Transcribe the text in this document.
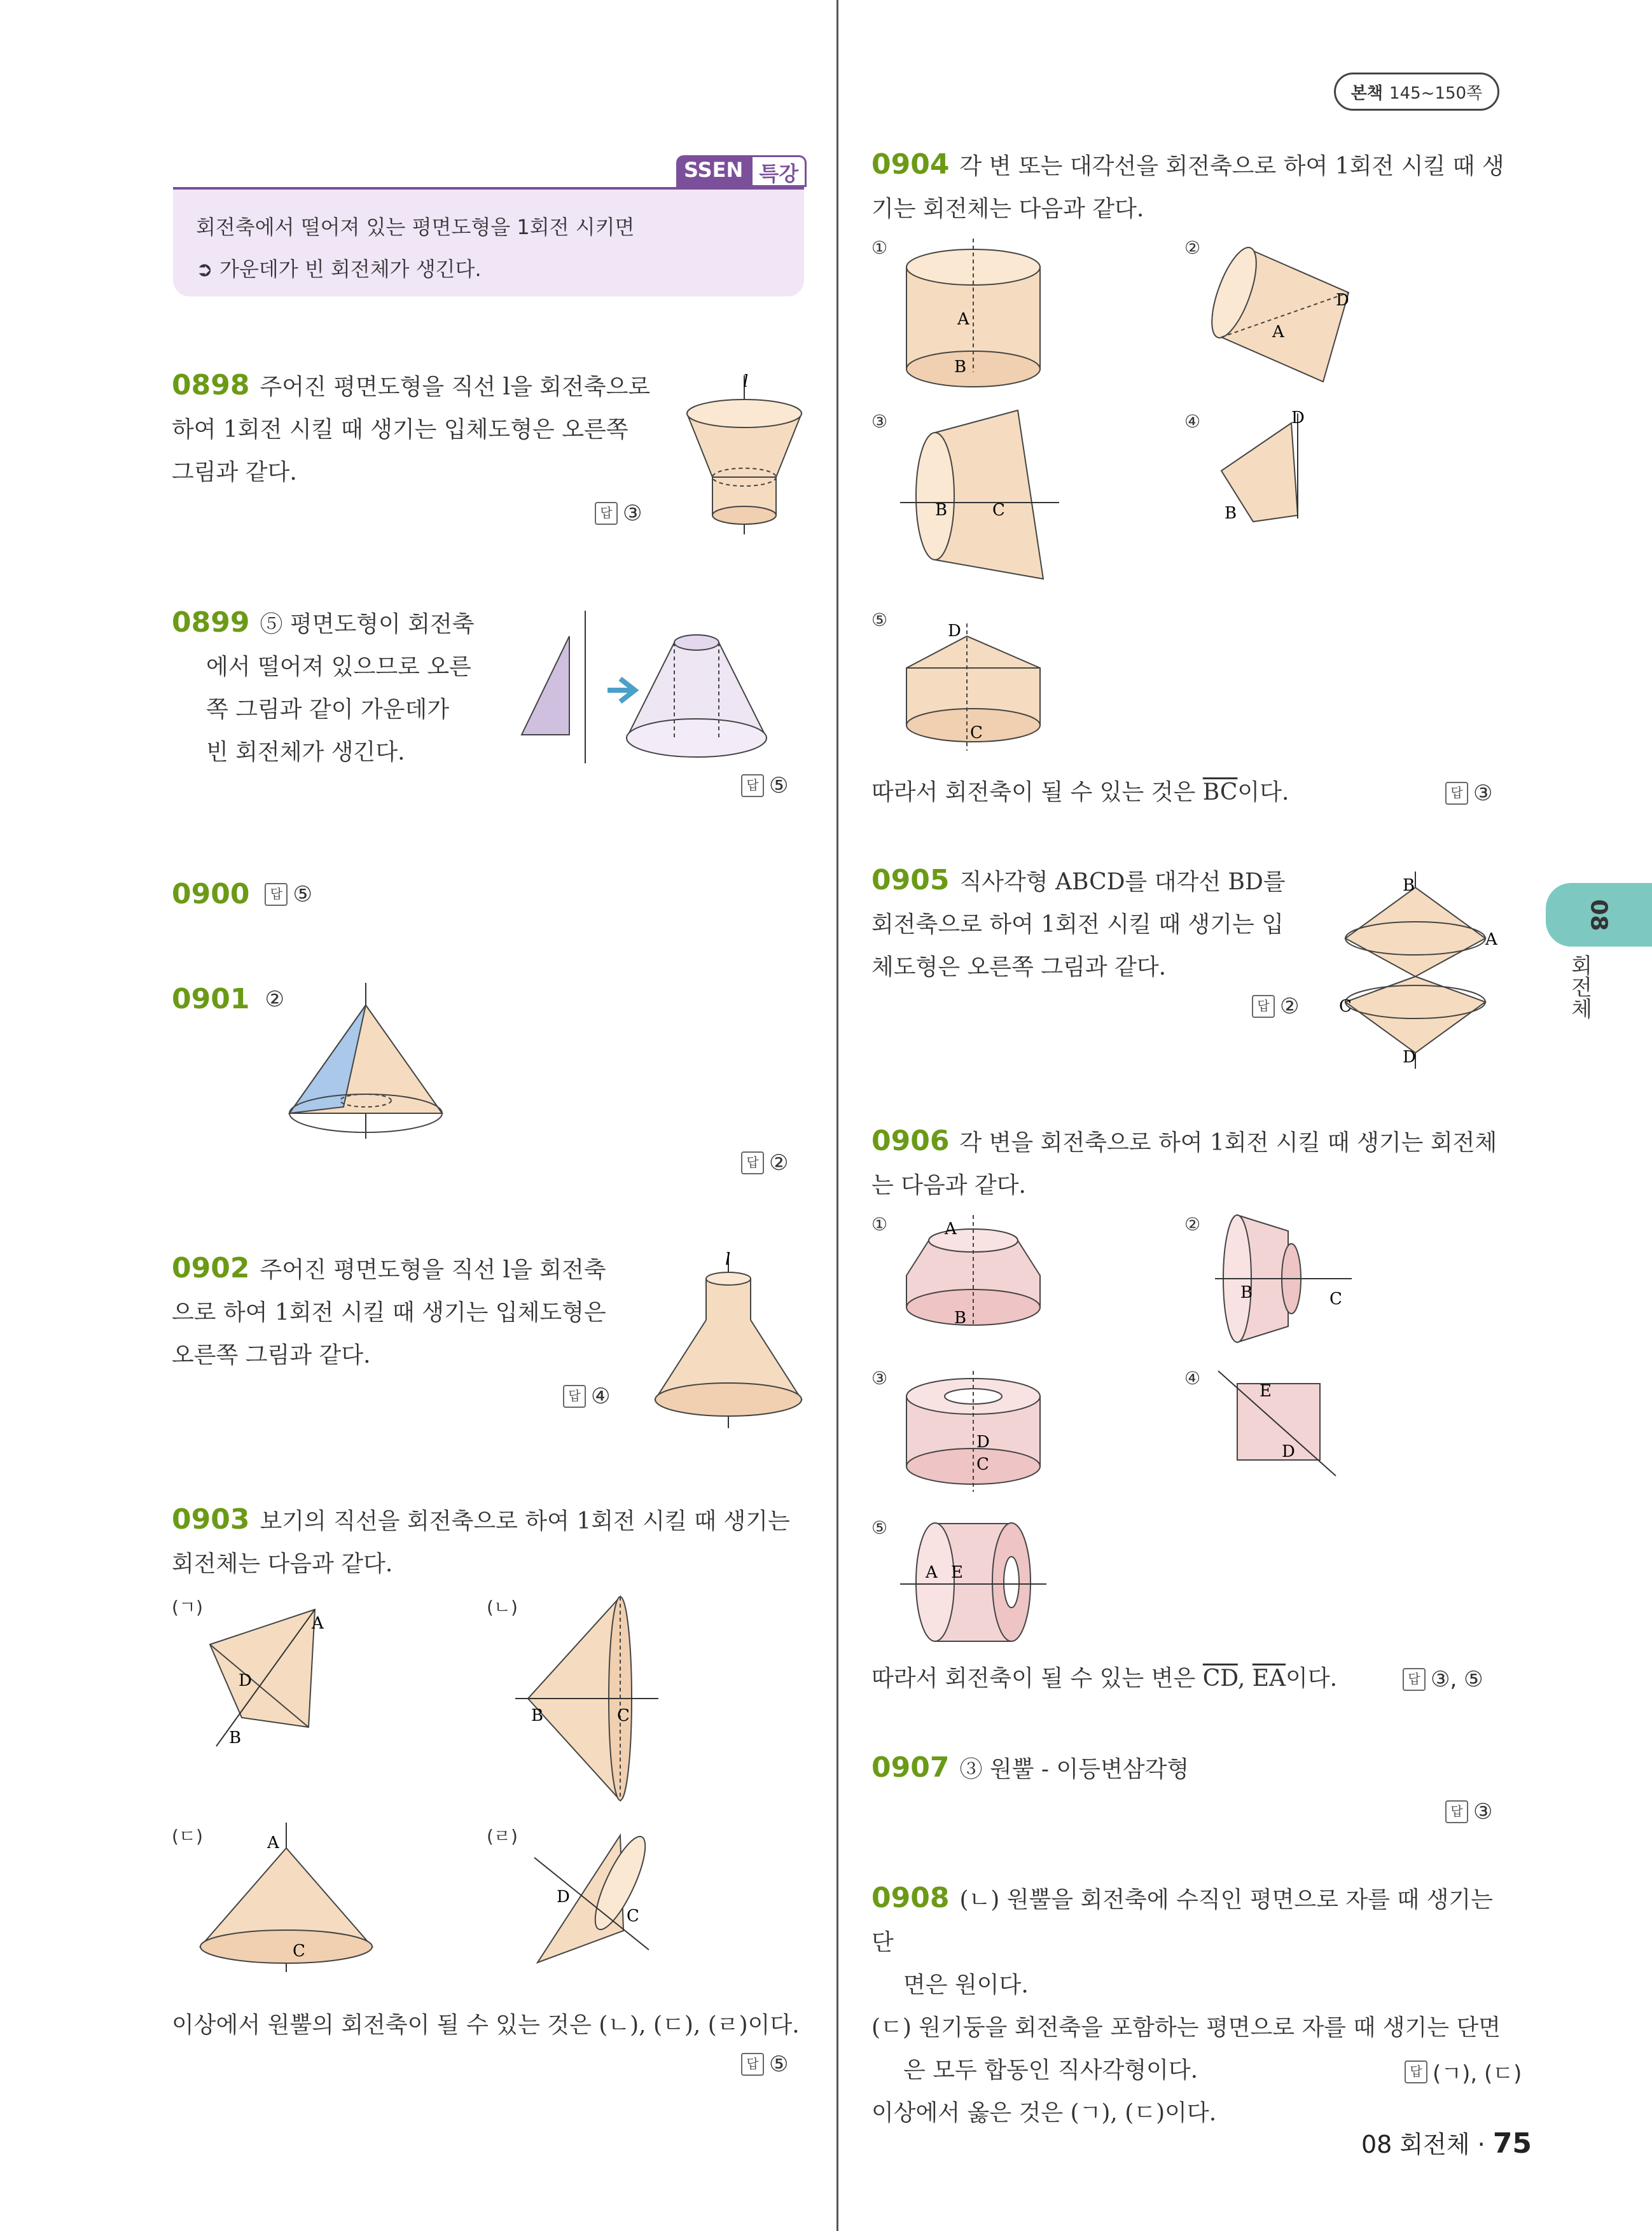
본책 145~150쪽
SSEN 특강

회전축에서 떨어져 있는 평면도형을 1회전 시키면

➲ 가운데가 빈 회전체가 생긴다.

0898 주어진 평면도형을 직선 l을 회전축으로
하여 1회전 시킬 때 생기는 입체도형은 오른쪽
그림과 같다.
답 ③
l
0899 ⑤ 평면도형이 회전축
에서 떨어져 있으므로 오른
쪽 그림과 같이 가운데가
빈 회전체가 생긴다.
답 ⑤
0900	답 ⑤
0901 ②
답 ②
0902 주어진 평면도형을 직선 l을 회전축
으로 하여 1회전 시킬 때 생기는 입체도형은
오른쪽 그림과 같다.
답 ④
l
0903 보기의 직선을 회전축으로 하여 1회전 시킬 때 생기는
회전체는 다음과 같다.
(ㄱ)	(ㄴ)
(ㄷ)	(ㄹ)
A
B
D
B	C
A
C
D
C
이상에서 원뿔의 회전축이 될 수 있는 것은 (ㄴ), (ㄷ), (ㄹ)이다.
답 ⑤
0904 각 변 또는 대각선을 회전축으로 하여 1회전 시킬 때 생
기는 회전체는 다음과 같다.
①	②
③	④
⑤
A
B
A
D
B	C
D
B
D
C
따라서 회전축이 될 수 있는 것은 $\overline{BC}$이다.	답 ③
0905 직사각형 ABCD를 대각선 BD를
회전축으로 하여 1회전 시킬 때 생기는 입
체도형은 오른쪽 그림과 같다.
답 ②
B
A
C
D
0906 각 변을 회전축으로 하여 1회전 시킬 때 생기는 회전체
는 다음과 같다.
①	②
③	④
⑤
A
B
B	C
D
C
E
D
A E
따라서 회전축이 될 수 있는 변은 $\overline{CD}$, $\overline{EA}$이다.	답 ③, ⑤
0907 ③ 원뿔 - 이등변삼각형
답 ③
0908 (ㄴ) 원뿔을 회전축에 수직인 평면으로 자를 때 생기는 단
면은 원이다.
(ㄷ) 원기둥을 회전축을 포함하는 평면으로 자를 때 생기는 단면
은 모두 합동인 직사각형이다.
이상에서 옳은 것은 (ㄱ), (ㄷ)이다.
답 (ㄱ), (ㄷ)
08
회전체
08 회전체 · 75
